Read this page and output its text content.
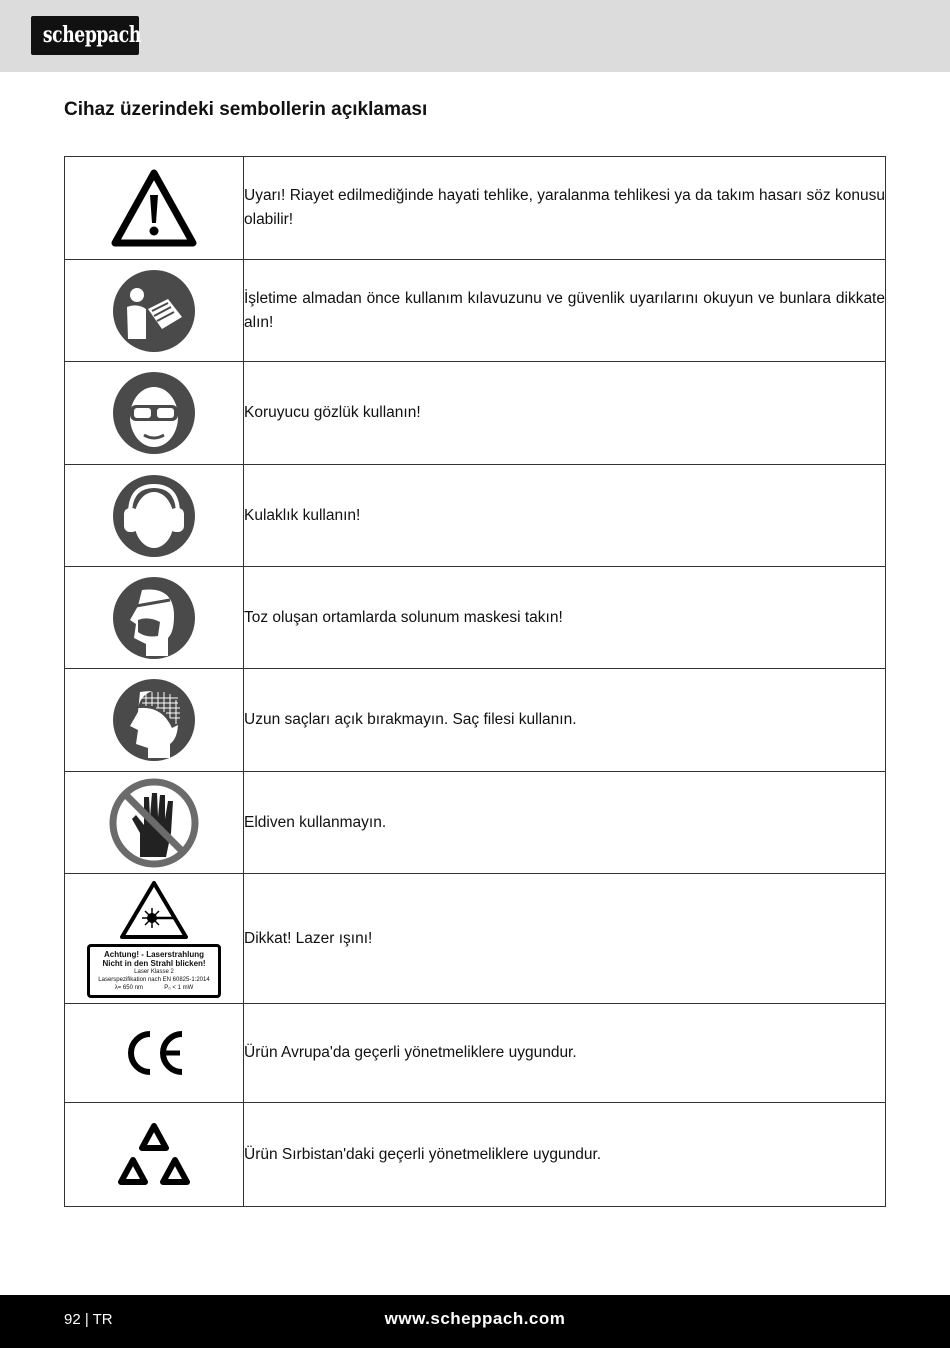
scheppach
Cihaz üzerindeki sembollerin açıklaması
	Uyarı! Riayet edilmediğinde hayati tehlike, yaralanma tehlikesi ya da takım hasarı söz konusu olabilir!

	İşletime almadan önce kullanım kılavuzunu ve güvenlik uyarılarını okuyun ve bunlara dikkate alın!

	Koruyucu gözlük kullanın!

	Kulaklık kullanın!

	Toz oluşan ortamlarda solunum maskesi takın!

	Uzun saçları açık bırakmayın. Saç filesi kullanın.

	Eldiven kullanmayın.

Achtung! - Laserstrahlung
Nicht in den Strahl blicken!
Laser Klasse 2
Laserspezifikation nach EN 60825-1:2014
λ= 650 nm P₀ < 1 mW	Dikkat! Lazer ışını!

	Ürün Avrupa'da geçerli yönetmeliklere uygundur.

	Ürün Sırbistan'daki geçerli yönetmeliklere uygundur.
92 | TR	www.scheppach.com
